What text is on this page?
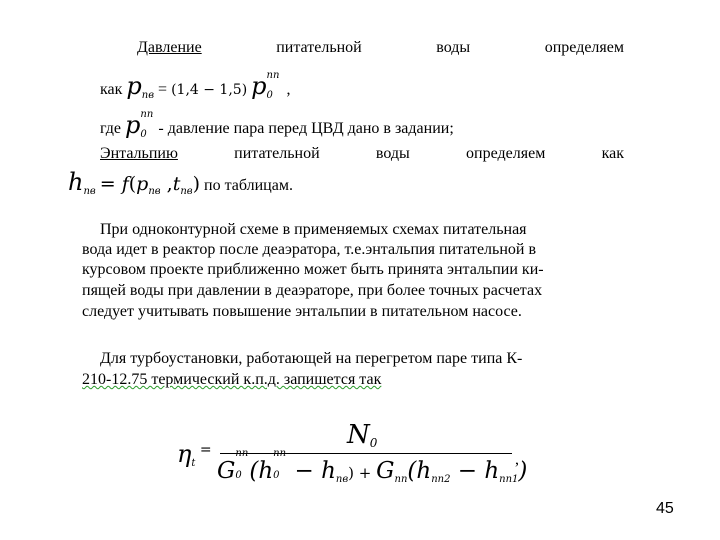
Давление	питательной	воды	определяем
как $p_{пв} = (1,4 - 1,5)$ p пп
0 ,
где p пп
0 - давление пара перед ЦВД дано в задании;
Энтальпию	питательной	воды	определяем	как
$h_{пв} = f(p_{пв}$ $,t_{пв}$) по таблицам.
При одноконтурной схеме в применяемых схемах питательная
вода идет в реактор после деаэратора, т.е.энтальпия питательной в
курсовом проекте приближенно может быть принята энтальпии ки-
пящей воды при давлении в деаэраторе, при более точных расчетах
следует учитывать повышение энтальпии в питательном насосе.
Для турбоустановки, работающей на перегретом паре типа К-
210-12.75 термический к.п.д. запишется так
$\eta_t$ =	$N_0$
G
пп
0 (h
пп
$0 - h_{пв}) + G_{пп}(h_{пп2} - h_{пп1})$
,
45
